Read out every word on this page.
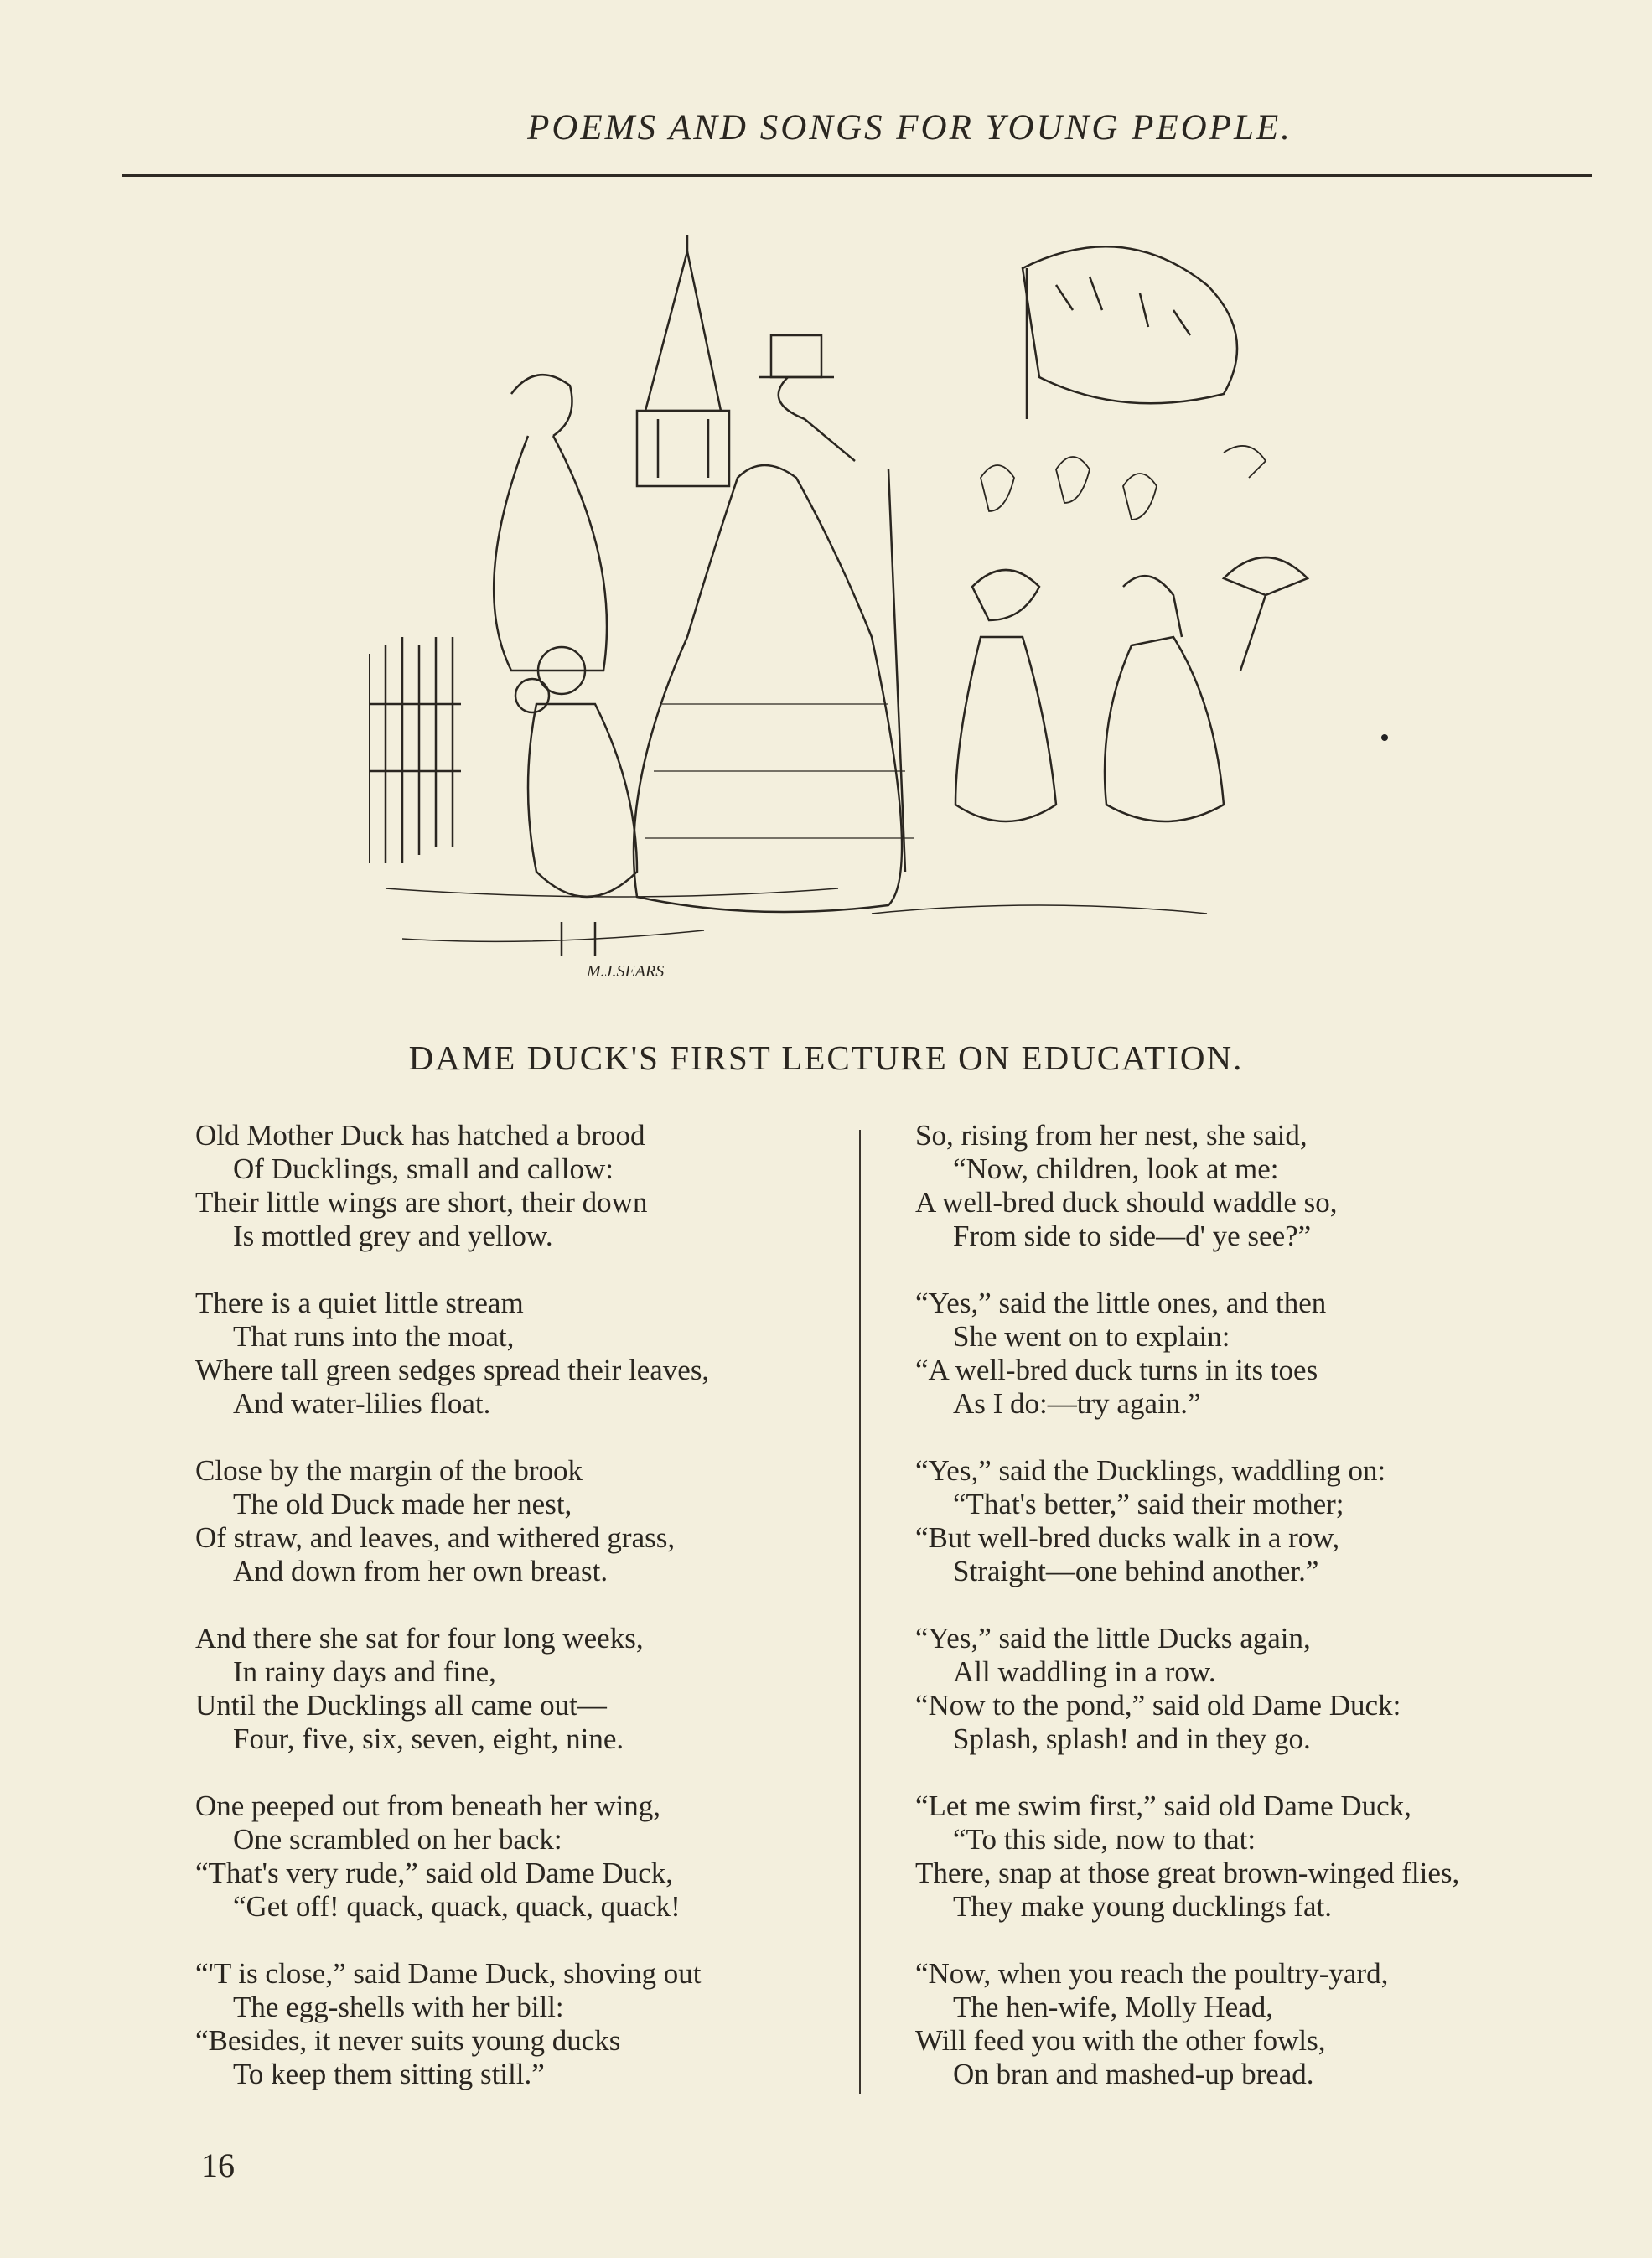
POEMS AND SONGS FOR YOUNG PEOPLE.
M.J.SEARS
DAME DUCK'S FIRST LECTURE ON EDUCATION.
Old Mother Duck has hatched a brood
Of Ducklings, small and callow:
Their little wings are short, their down
Is mottled grey and yellow.
There is a quiet little stream
That runs into the moat,
Where tall green sedges spread their leaves,
And water-lilies float.
Close by the margin of the brook
The old Duck made her nest,
Of straw, and leaves, and withered grass,
And down from her own breast.
And there she sat for four long weeks,
In rainy days and fine,
Until the Ducklings all came out—
Four, five, six, seven, eight, nine.
One peeped out from beneath her wing,
One scrambled on her back:
“That's very rude,” said old Dame Duck,
“Get off! quack, quack, quack, quack!
“'T is close,” said Dame Duck, shoving out
The egg-shells with her bill:
“Besides, it never suits young ducks
To keep them sitting still.”
So, rising from her nest, she said,
“Now, children, look at me:
A well-bred duck should waddle so,
From side to side—d' ye see?”
“Yes,” said the little ones, and then
She went on to explain:
“A well-bred duck turns in its toes
As I do:—try again.”
“Yes,” said the Ducklings, waddling on:
“That's better,” said their mother;
“But well-bred ducks walk in a row,
Straight—one behind another.”
“Yes,” said the little Ducks again,
All waddling in a row.
“Now to the pond,” said old Dame Duck:
Splash, splash! and in they go.
“Let me swim first,” said old Dame Duck,
“To this side, now to that:
There, snap at those great brown-winged flies,
They make young ducklings fat.
“Now, when you reach the poultry-yard,
The hen-wife, Molly Head,
Will feed you with the other fowls,
On bran and mashed-up bread.
16
